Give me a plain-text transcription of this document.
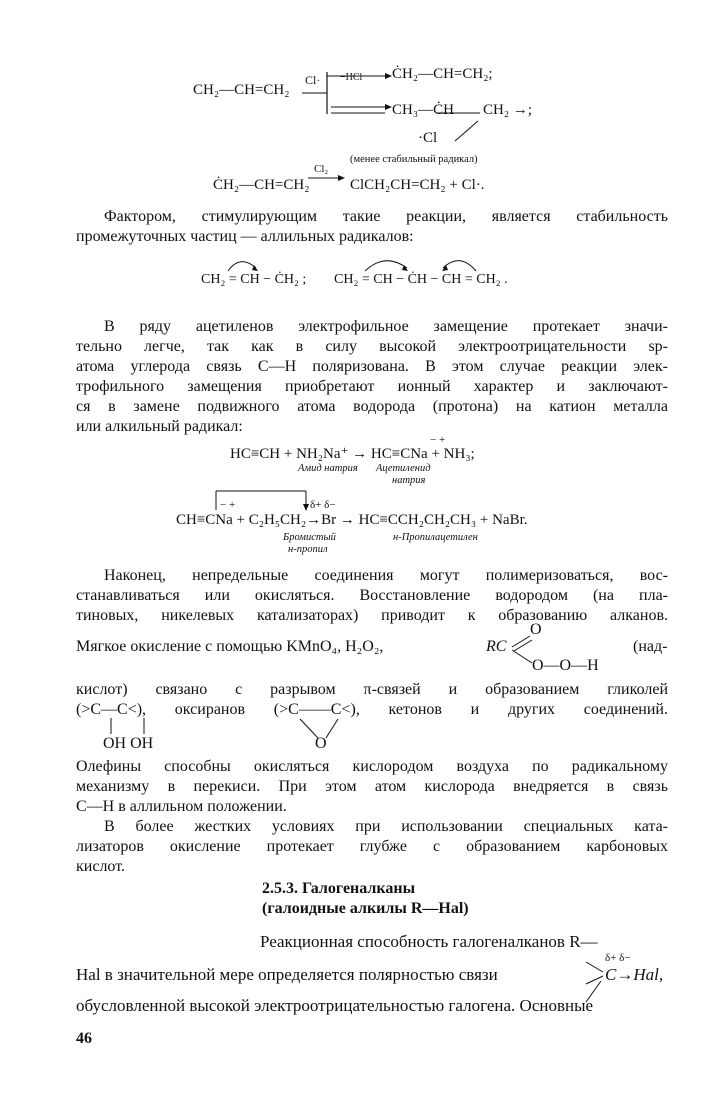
CH₂—CH=CH₂
Cl· −HCl ĊH₂—CH=CH₂;
CH₃—ĊH CH₂ →;
·Cl
(менее стабильный радикал)
ĊH₂—CH=CH₂
Cl₂
ClCH₂CH=CH₂ + Cl·.
Фактором, стимулирующим такие реакции, является стабильность
промежуточных частиц — аллильных радикалов:
CH₂ = CH − ĊH₂ ; CH₂ = CH − ĊH − CH = CH₂ .
В ряду ацетиленов электрофильное замещение протекает значи-
тельно легче, так как в силу высокой электроотрицательности sp-
атома углерода связь С—Н поляризована. В этом случае реакции элек-
трофильного замещения приобретают ионный характер и заключают-
ся в замене подвижного атома водорода (протона) на катион металла
или алкильный радикал:
− +
HC≡CH + NH₂Na⁺ → HC≡CNa + NH₃;
Амид натрия Ацетиленид
натрия
− +	δ+ δ−
CH≡CNa + C₂H₅CH₂→Br → HC≡CCH₂CH₂CH₃ + NaBr.
Бромистый
н-пропил
н-Пропилацетилен
Наконец, непредельные соединения могут полимеризоваться, вос-
станавливаться или окисляться. Восстановление водородом (на пла-
тиновых, никелевых катализаторах) приводит к образованию алканов.
Мягкое окисление с помощью KMnO₄, H₂O₂,	RC
O
O—O—H
(над-
кислот) связано с разрывом π-связей и образованием гликолей
(>C—C<), оксиранов (>C——C<), кетонов и других соединений.
OH OH	O
Олефины способны окисляться кислородом воздуха по радикальному
механизму в перекиси. При этом атом кислорода внедряется в связь
С—Н в аллильном положении.
В более жестких условиях при использовании специальных ката-
лизаторов окисление протекает глубже с образованием карбоновых
кислот.
2.5.3. Галогеналканы
(галоидные алкилы R—Hal)
Реакционная способность галогеналканов R—
Hal в значительной мере определяется полярностью связи
δ+ δ−
C→Hal,
обусловленной высокой электроотрицательностью галогена. Основные
46
